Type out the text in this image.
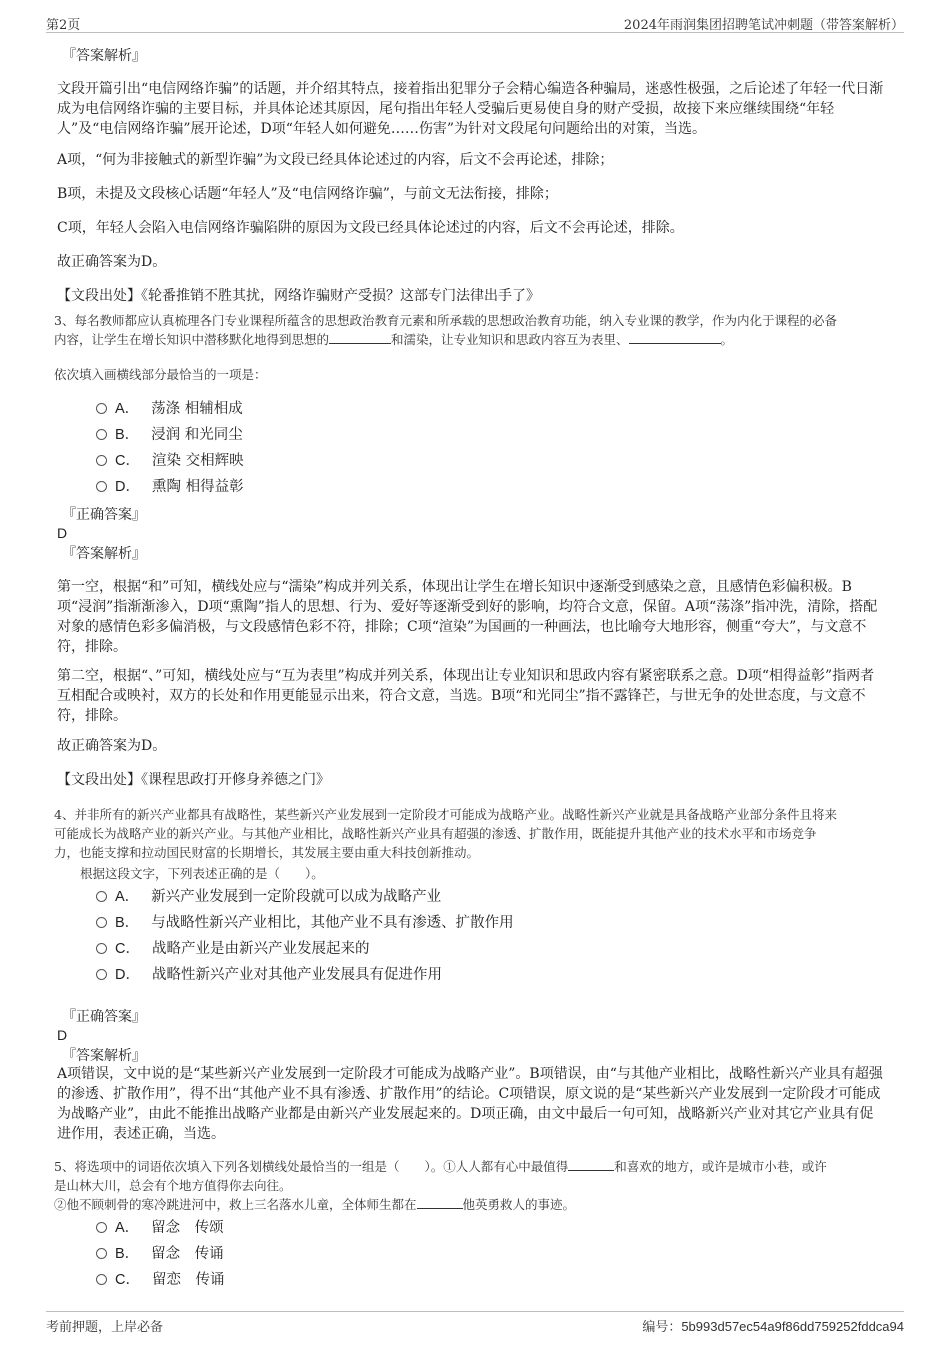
第2页	2024年雨润集团招聘笔试冲刺题（带答案解析）
『答案解析』
文段开篇引出“电信网络诈骗”的话题，并介绍其特点，接着指出犯罪分子会精心编造各种骗局，迷惑性极强，之后论述了年轻一代日渐成为电信网络诈骗的主要目标，并具体论述其原因，尾句指出年轻人受骗后更易使自身的财产受损，故接下来应继续围绕“年轻人”及“电信网络诈骗”展开论述，D项“年轻人如何避免……伤害”为针对文段尾句问题给出的对策，当选。
A项，“何为非接触式的新型诈骗”为文段已经具体论述过的内容，后文不会再论述，排除；
B项，未提及文段核心话题“年轻人”及“电信网络诈骗”，与前文无法衔接，排除；
C项，年轻人会陷入电信网络诈骗陷阱的原因为文段已经具体论述过的内容，后文不会再论述，排除。
故正确答案为D。
【文段出处】《轮番推销不胜其扰，网络诈骗财产受损？这部专门法律出手了》
3、每名教师都应认真梳理各门专业课程所蕴含的思想政治教育元素和所承载的思想政治教育功能，纳入专业课的教学，作为内化于课程的必备
内容，让学生在增长知识中潜移默化地得到思想的	和濡染，让专业知识和思政内容互为表里、	。
依次填入画横线部分最恰当的一项是：
A． 荡涤 相辅相成
B． 浸润 和光同尘
C． 渲染 交相辉映
D． 熏陶 相得益彰
『正确答案』
D
『答案解析』
第一空，根据“和”可知，横线处应与“濡染”构成并列关系，体现出让学生在增长知识中逐渐受到感染之意，且感情色彩偏积极。B项“浸润”指渐渐渗入，D项“熏陶”指人的思想、行为、爱好等逐渐受到好的影响，均符合文意，保留。A项“荡涤”指冲洗，清除，搭配对象的感情色彩多偏消极，与文段感情色彩不符，排除；C项“渲染”为国画的一种画法，也比喻夸大地形容，侧重“夸大”，与文意不符，排除。
第二空，根据“、”可知，横线处应与“互为表里”构成并列关系，体现出让专业知识和思政内容有紧密联系之意。D项“相得益彰”指两者互相配合或映衬，双方的长处和作用更能显示出来，符合文意，当选。B项“和光同尘”指不露锋芒，与世无争的处世态度，与文意不符，排除。
故正确答案为D。
【文段出处】《课程思政打开修身养德之门》
4、并非所有的新兴产业都具有战略性，某些新兴产业发展到一定阶段才可能成为战略产业。战略性新兴产业就是具备战略产业部分条件且将来
可能成长为战略产业的新兴产业。与其他产业相比，战略性新兴产业具有超强的渗透、扩散作用，既能提升其他产业的技术水平和市场竞争
力，也能支撑和拉动国民财富的长期增长，其发展主要由重大科技创新推动。
根据这段文字，下列表述正确的是（　　）。
A． 新兴产业发展到一定阶段就可以成为战略产业
B． 与战略性新兴产业相比，其他产业不具有渗透、扩散作用
C． 战略产业是由新兴产业发展起来的
D． 战略性新兴产业对其他产业发展具有促进作用
『正确答案』
D
『答案解析』
A项错误，文中说的是“某些新兴产业发展到一定阶段才可能成为战略产业”。B项错误，由“与其他产业相比，战略性新兴产业具有超强的渗透、扩散作用”，得不出“其他产业不具有渗透、扩散作用”的结论。C项错误，原文说的是“某些新兴产业发展到一定阶段才可能成为战略产业”，由此不能推出战略产业都是由新兴产业发展起来的。D项正确，由文中最后一句可知，战略新兴产业对其它产业具有促进作用，表述正确，当选。
5、将选项中的词语依次填入下列各划横线处最恰当的一组是（　　）。①人人都有心中最值得	和喜欢的地方，或许是城市小巷，或许
是山林大川，总会有个地方值得你去向往。
②他不顾刺骨的寒冷跳进河中，救上三名落水儿童，全体师生都在	他英勇救人的事迹。
A． 留念　传颂
B． 留念　传诵
C． 留恋　传诵
考前押题，上岸必备	编号：5b993d57ec54a9f86dd759252fddca94
